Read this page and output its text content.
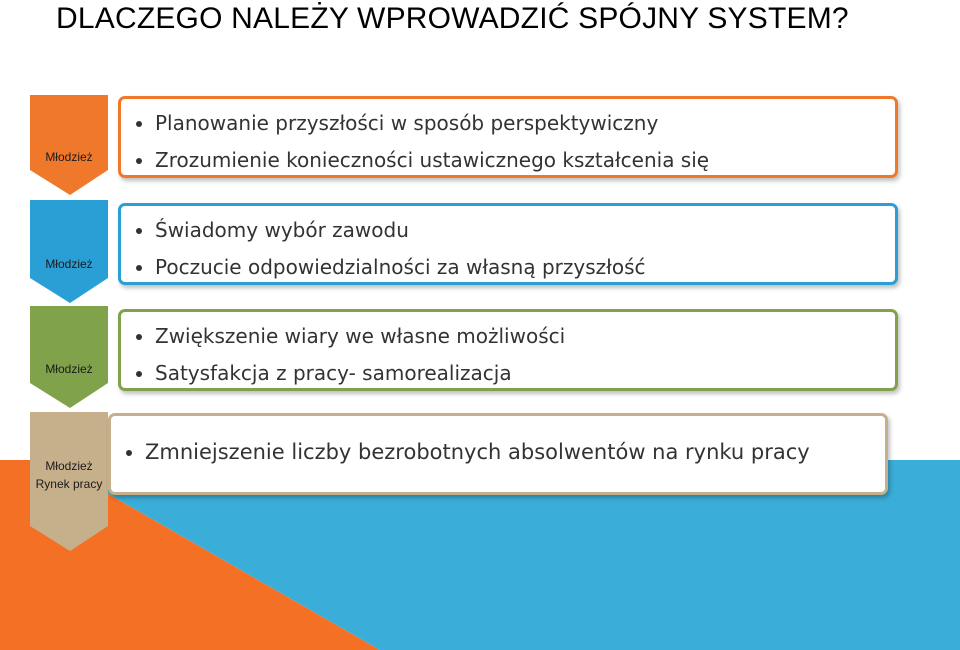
DLACZEGO NALEŻY WPROWADZIĆ SPÓJNY SYSTEM?
Młodzież
Młodzież
Młodzież
Młodzież
Rynek pracy
• Planowanie przyszłości w sposób perspektywiczny
• Zrozumienie konieczności ustawicznego kształcenia się
• Świadomy wybór zawodu
• Poczucie odpowiedzialności za własną przyszłość
• Zwiększenie wiary we własne możliwości
• Satysfakcja z pracy- samorealizacja
• Zmniejszenie liczby bezrobotnych absolwentów na rynku pracy
